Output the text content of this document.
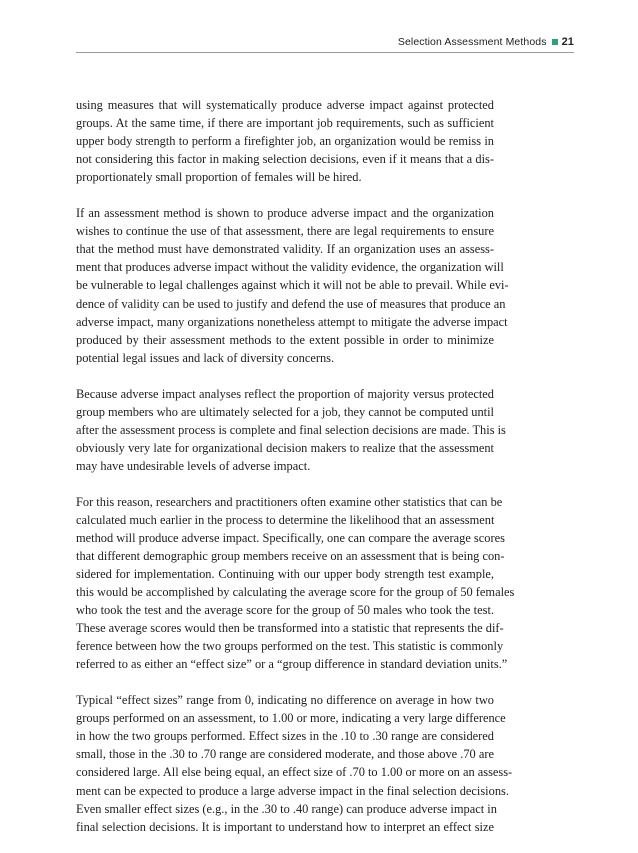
Selection Assessment Methods 21
using measures that will systematically produce adverse impact against protected
groups. At the same time, if there are important job requirements, such as sufficient
upper body strength to perform a firefighter job, an organization would be remiss in
not considering this factor in making selection decisions, even if it means that a dis-
proportionately small proportion of females will be hired.
If an assessment method is shown to produce adverse impact and the organization
wishes to continue the use of that assessment, there are legal requirements to ensure
that the method must have demonstrated validity. If an organization uses an assess-
ment that produces adverse impact without the validity evidence, the organization will
be vulnerable to legal challenges against which it will not be able to prevail. While evi-
dence of validity can be used to justify and defend the use of measures that produce an
adverse impact, many organizations nonetheless attempt to mitigate the adverse impact
produced by their assessment methods to the extent possible in order to minimize
potential legal issues and lack of diversity concerns.
Because adverse impact analyses reflect the proportion of majority versus protected
group members who are ultimately selected for a job, they cannot be computed until
after the assessment process is complete and final selection decisions are made. This is
obviously very late for organizational decision makers to realize that the assessment
may have undesirable levels of adverse impact.
For this reason, researchers and practitioners often examine other statistics that can be
calculated much earlier in the process to determine the likelihood that an assessment
method will produce adverse impact. Specifically, one can compare the average scores
that different demographic group members receive on an assessment that is being con-
sidered for implementation. Continuing with our upper body strength test example,
this would be accomplished by calculating the average score for the group of 50 females
who took the test and the average score for the group of 50 males who took the test.
These average scores would then be transformed into a statistic that represents the dif-
ference between how the two groups performed on the test. This statistic is commonly
referred to as either an “effect size” or a “group difference in standard deviation units.”
Typical “effect sizes” range from 0, indicating no difference on average in how two
groups performed on an assessment, to 1.00 or more, indicating a very large difference
in how the two groups performed. Effect sizes in the .10 to .30 range are considered
small, those in the .30 to .70 range are considered moderate, and those above .70 are
considered large. All else being equal, an effect size of .70 to 1.00 or more on an assess-
ment can be expected to produce a large adverse impact in the final selection decisions.
Even smaller effect sizes (e.g., in the .30 to .40 range) can produce adverse impact in
final selection decisions. It is important to understand how to interpret an effect size
